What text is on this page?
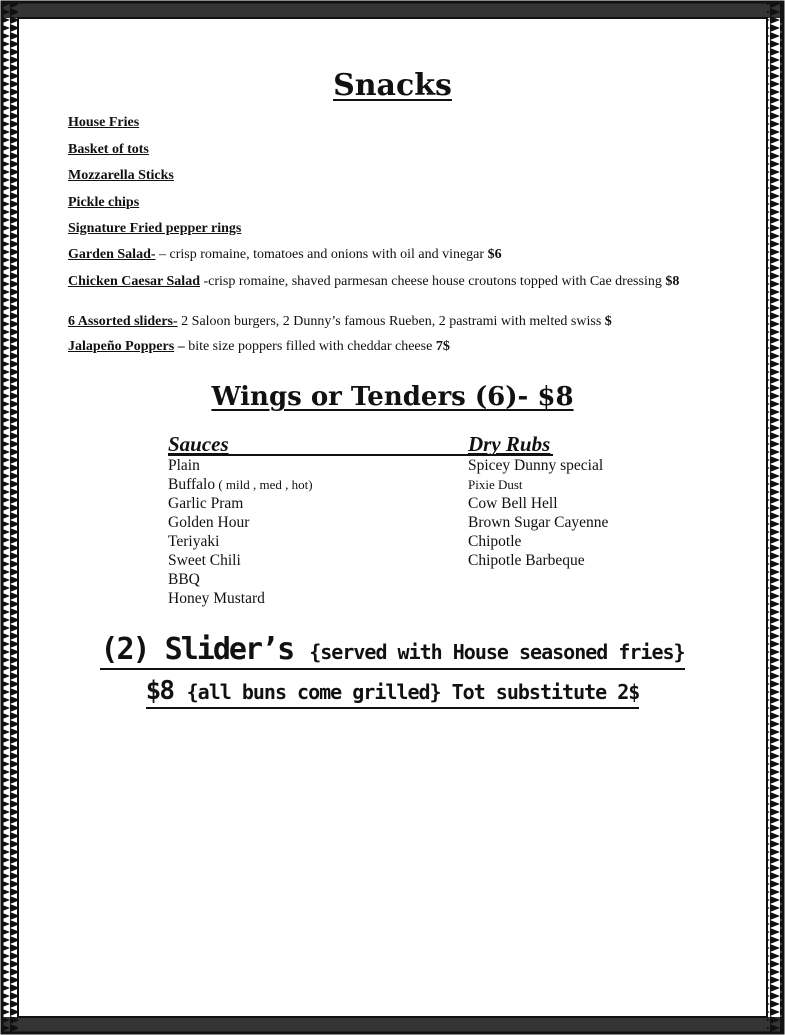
Snacks
House Fries
Basket of tots
Mozzarella Sticks
Pickle chips
Signature Fried pepper rings
Garden Salad- – crisp romaine, tomatoes and onions with oil and vinegar $6
Chicken Caesar Salad -crisp romaine, shaved parmesan cheese house croutons topped with Cae dressing $8
6 Assorted sliders- 2 Saloon burgers, 2 Dunny’s famous Rueben, 2 pastrami with melted swiss $
Jalapeño Poppers – bite size poppers filled with cheddar cheese 7$
Wings or Tenders (6)- $8
Sauces
Plain
Buffalo ( mild , med , hot)
Garlic Pram
Golden Hour
Teriyaki
Sweet Chili
BBQ
Honey Mustard
Dry Rubs
Spicey Dunny special
Pixie Dust
Cow Bell Hell
Brown Sugar Cayenne
Chipotle
Chipotle Barbeque
(2) Slider’s {served with House seasoned fries}
$8 {all buns come grilled} Tot substitute 2$
